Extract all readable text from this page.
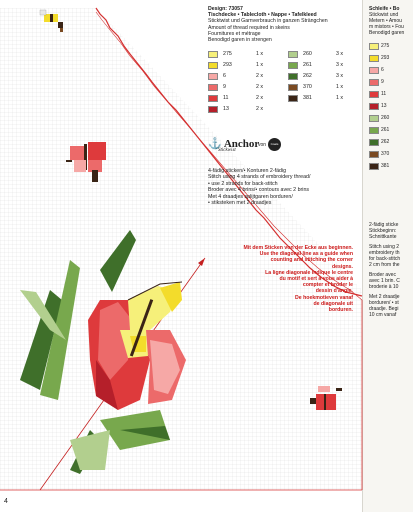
Design: 73057
Tischdecke • Tablecloth • Nappe • Tafelkleed
Sticktwist und Garnverbrauch in ganzen Strängchen
Amount of thread required in skeins
Fournitures et métrage
Benodigd garen in strengen
275	1 x
293	1 x
6	2 x
9	2 x
11	2 x
13	2 x
260	3 x
261	3 x
262	3 x
370	1 x
381	1 x
⚓ Anchor
Stickwist
von	Coats Mez
4-fädig sticken/• Konturen 2-fädig
Stitch using 4 strands of embroidery thread/
• use 2 strands for back-stitch
Broder avec 4 brins/• contours avec 2 brins
Met 4 draadjes splijtgaren borduren/
• stiksteken met 2 draadjes
Mit dem Sticken von der Ecke aus beginnen.
Use the diagonal line as a guide when
counting and stitching the corner
designs.
La ligne diagonale indique le centre
du motif et sert à vous aider à
compter et broder le
dessin d'angle.
De hoekmotieven vanaf
de diagonale uit
borduren.
Schleife • Bo
Stickwist und
Metern • Amou
m mistors • Fou
Benodigd garen
275
293
6
9
11
13
260
261
262
370
381
2-fädig sticke
Stickbeginn:
Schnittkante
Stitch using 2
embroidery th
for back-stitch
2 cm from the
Broder avec
avec 1 brin. C
broderie à 10
Met 2 draadje
borduren/ • st
draadje. Begi
10 cm vanaf
4
